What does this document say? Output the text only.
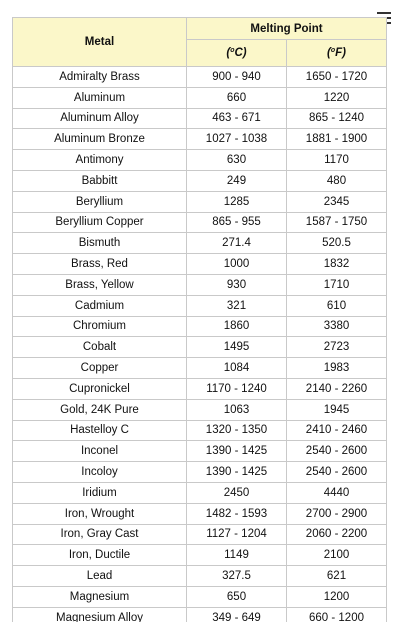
Metal	Melting Point	
	($^o$C)	($^o$F)
Admiralty Brass	900 - 940	1650 - 1720
Aluminum	660	1220
Aluminum Alloy	463 - 671	865 - 1240
Aluminum Bronze	1027 - 1038	1881 - 1900
Antimony	630	1170
Babbitt	249	480
Beryllium	1285	2345
Beryllium Copper	865 - 955	1587 - 1750
Bismuth	271.4	520.5
Brass, Red	1000	1832
Brass, Yellow	930	1710
Cadmium	321	610
Chromium	1860	3380
Cobalt	1495	2723
Copper	1084	1983
Cupronickel	1170 - 1240	2140 - 2260
Gold, 24K Pure	1063	1945
Hastelloy C	1320 - 1350	2410 - 2460
Inconel	1390 - 1425	2540 - 2600
Incoloy	1390 - 1425	2540 - 2600
Iridium	2450	4440
Iron, Wrought	1482 - 1593	2700 - 2900
Iron, Gray Cast	1127 - 1204	2060 - 2200
Iron, Ductile	1149	2100
Lead	327.5	621
Magnesium	650	1200
Magnesium Alloy	349 - 649	660 - 1200
